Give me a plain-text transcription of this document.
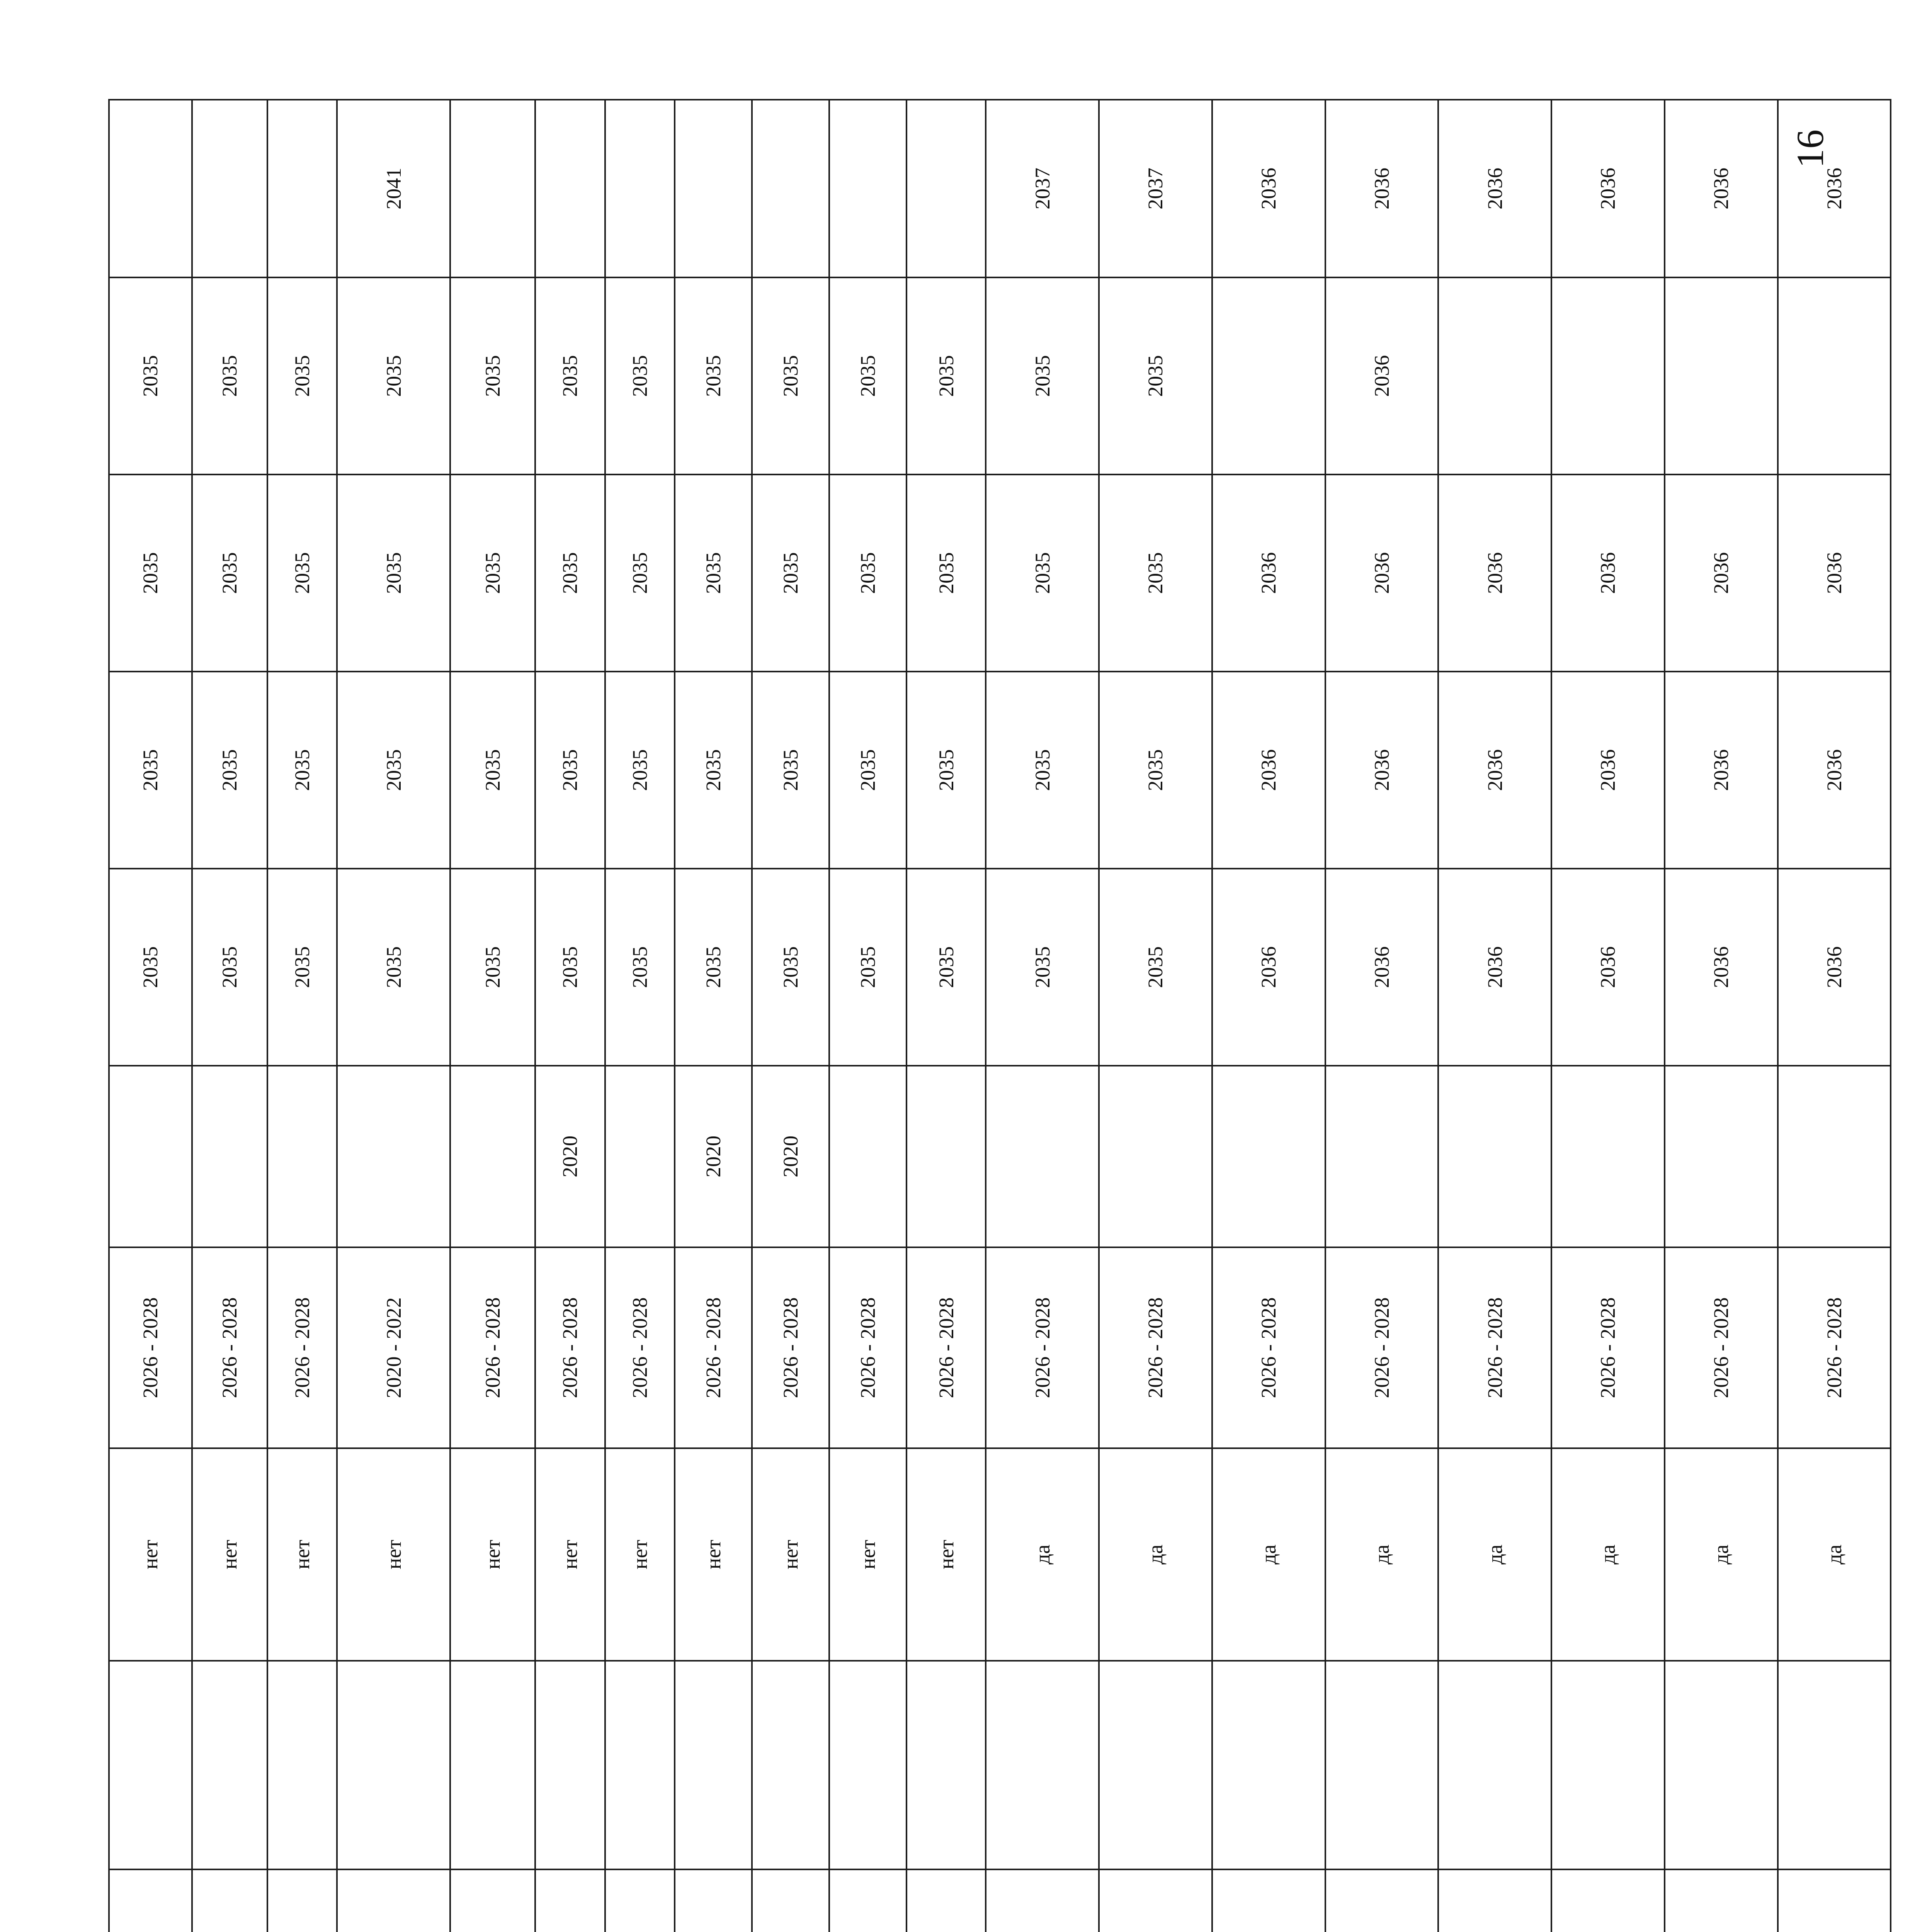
16
						нет	2026 - 2028		2035	2035	2035	2035	
						нет	2026 - 2028		2035	2035	2035	2035	
						нет	2026 - 2028		2035	2035	2035	2035	
						нет	2020 - 2022		2035	2035	2035	2035	2041
						нет	2026 - 2028		2035	2035	2035	2035	
						нет	2026 - 2028	2020	2035	2035	2035	2035	
						нет	2026 - 2028		2035	2035	2035	2035	
						нет	2026 - 2028	2020	2035	2035	2035	2035	
						нет	2026 - 2028	2020	2035	2035	2035	2035	
						нет	2026 - 2028		2035	2035	2035	2035	
						нет	2026 - 2028		2035	2035	2035	2035	
						да	2026 - 2028		2035	2035	2035	2035	2037
						да	2026 - 2028		2035	2035	2035	2035	2037
						да	2026 - 2028		2036	2036	2036		2036
						да	2026 - 2028		2036	2036	2036	2036	2036
						да	2026 - 2028		2036	2036	2036		2036
						да	2026 - 2028		2036	2036	2036		2036
						да	2026 - 2028		2036	2036	2036		2036
						да	2026 - 2028		2036	2036	2036		2036
